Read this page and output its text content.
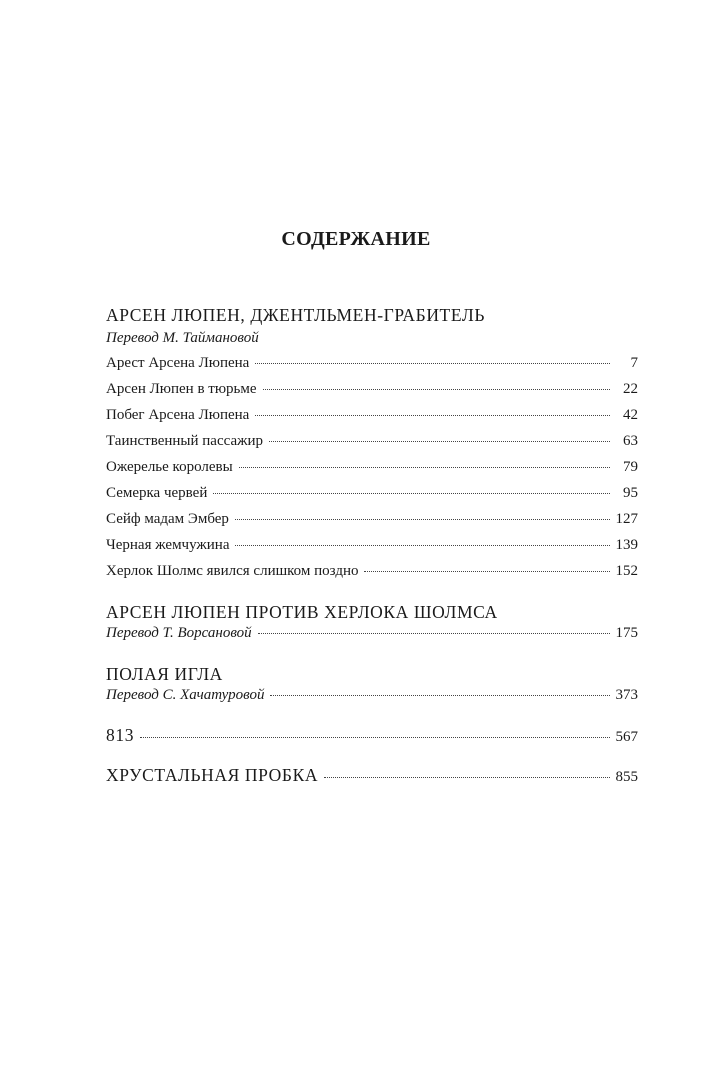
СОДЕРЖАНИЕ
АРСЕН ЛЮПЕН, ДЖЕНТЛЬМЕН-ГРАБИТЕЛЬ
Перевод М. Таймановой
Арест Арсена Люпена	7
Арсен Люпен в тюрьме	22
Побег Арсена Люпена	42
Таинственный пассажир	63
Ожерелье королевы	79
Семерка червей	95
Сейф мадам Эмбер	127
Черная жемчужина	139
Херлок Шолмс явился слишком поздно	152
АРСЕН ЛЮПЕН ПРОТИВ ХЕРЛОКА ШОЛМСА
Перевод Т. Ворсановой	175
ПОЛАЯ ИГЛА
Перевод С. Хачатуровой	373
813	567
ХРУСТАЛЬНАЯ ПРОБКА	855
